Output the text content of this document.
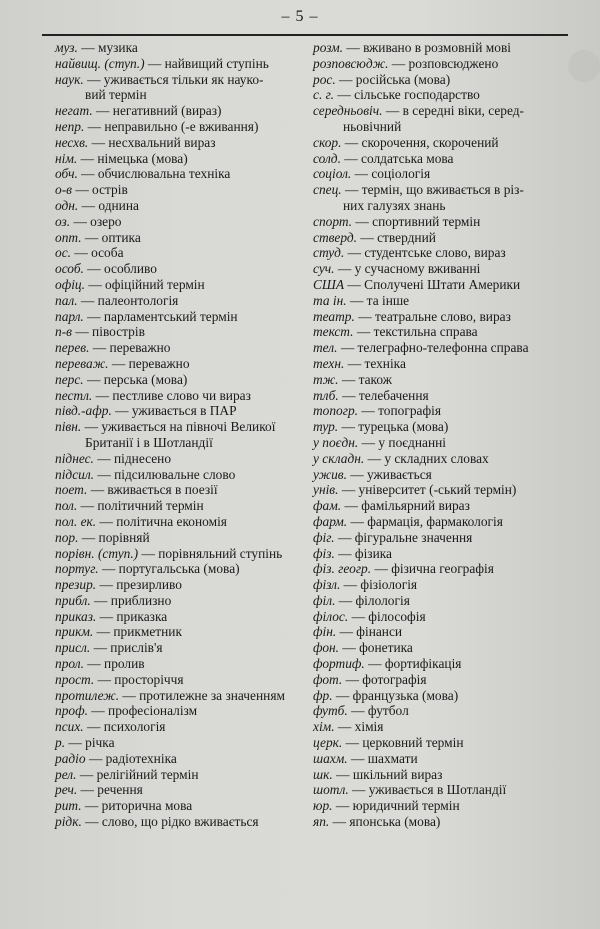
– 5 –

муз. — музика

найвищ. (ступ.) — найвищий ступінь

наук. — уживається тільки як науко-

вий термін

негат. — негативний (вираз)

непр. — неправильно (-е вживання)

несхв. — несхвальний вираз

нім. — німецька (мова)

обч. — обчислювальна техніка

о-в — острів

одн. — однина

оз. — озеро

опт. — оптика

ос. — особа

особ. — особливо

офіц. — офіційний термін

пал. — палеонтологія

парл. — парламентський термін

п-в — півострів

перев. — переважно

переваж. — переважно

перс. — перська (мова)

пестл. — пестливе слово чи вираз

півд.-афр. — уживається в ПАР

півн. — уживається на півночі Великої

Британії і в Шотландії

піднес. — піднесено

підсил. — підсилювальне слово

поет. — вживається в поезії

пол. — політичний термін

пол. ек. — політична економія

пор. — порівняй

порівн. (ступ.) — порівняльний ступінь

португ. — португальська (мова)

презир. — презирливо

прибл. — приблизно

приказ. — приказка

прикм. — прикметник

присл. — прислів'я

прол. — пролив

прост. — просторіччя

протилеж. — протилежне за значенням

проф. — професіоналізм

псих. — психологія

р. — річка

радіо — радіотехніка

рел. — релігійний термін

реч. — речення

рит. — риторична мова

рідк. — слово, що рідко вживається

розм. — вживано в розмовній мові

розповсюдж. — розповсюджено

рос. — російська (мова)

с. г. — сільське господарство

середньовіч. — в середні віки, серед-

ньовічний

скор. — скорочення, скорочений

солд. — солдатська мова

соціол. — соціологія

спец. — термін, що вживається в різ-

них галузях знань

спорт. — спортивний термін

стверд. — ствердний

студ. — студентське слово, вираз

суч. — у сучасному вживанні

США — Сполучені Штати Америки

та ін. — та інше

театр. — театральне слово, вираз

текст. — текстильна справа

тел. — телеграфно-телефонна справа

техн. — техніка

тж. — також

тлб. — телебачення

топогр. — топографія

тур. — турецька (мова)

у поєдн. — у поєднанні

у складн. — у складних словах

ужив. — уживається

унів. — університет (-ський термін)

фам. — фамільярний вираз

фарм. — фармація, фармакологія

фіг. — фігуральне значення

фіз. — фізика

фіз. геогр. — фізична географія

фізл. — фізіологія

філ. — філологія

філос. — філософія

фін. — фінанси

фон. — фонетика

фортиф. — фортифікація

фот. — фотографія

фр. — французька (мова)

футб. — футбол

хім. — хімія

церк. — церковний термін

шахм. — шахмати

шк. — шкільний вираз

шотл. — уживається в Шотландії

юр. — юридичний термін

яп. — японська (мова)
